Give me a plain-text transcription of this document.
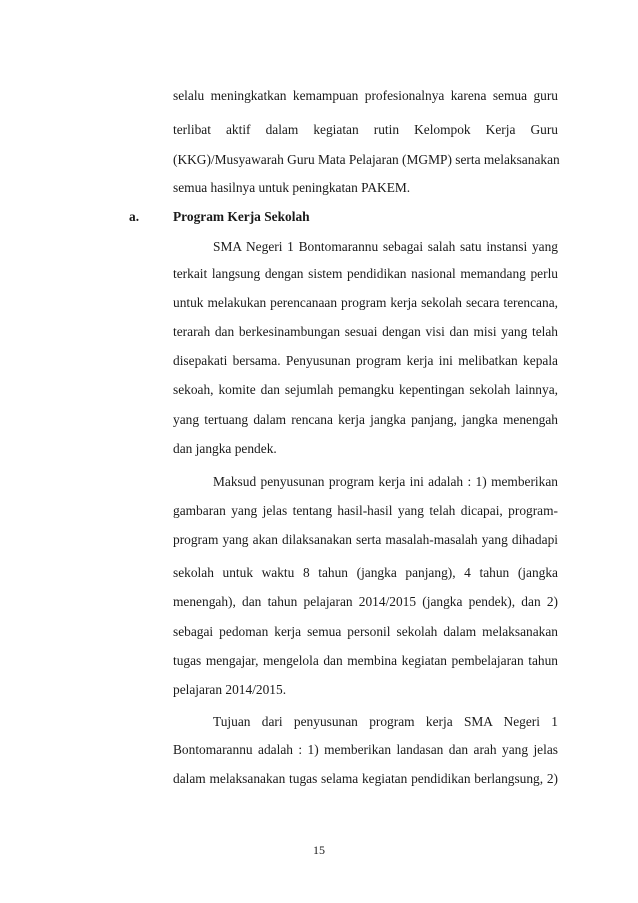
selalu meningkatkan kemampuan profesionalnya karena semua guru
terlibat aktif dalam kegiatan rutin Kelompok Kerja Guru
(KKG)/Musyawarah Guru Mata Pelajaran (MGMP) serta melaksanakan
semua hasilnya untuk peningkatan PAKEM.
a.	Program Kerja Sekolah
SMA Negeri 1 Bontomarannu sebagai salah satu instansi yang
terkait langsung dengan sistem pendidikan nasional memandang perlu
untuk melakukan perencanaan program kerja sekolah secara terencana,
terarah dan berkesinambungan sesuai dengan visi dan misi yang telah
disepakati bersama. Penyusunan program kerja ini melibatkan kepala
sekoah, komite dan sejumlah pemangku kepentingan sekolah lainnya,
yang tertuang dalam rencana kerja jangka panjang, jangka menengah
dan jangka pendek.
Maksud penyusunan program kerja ini adalah : 1) memberikan
gambaran yang jelas tentang hasil-hasil yang telah dicapai, program-
program yang akan dilaksanakan serta masalah-masalah yang dihadapi
sekolah untuk waktu 8 tahun (jangka panjang), 4 tahun (jangka
menengah), dan tahun pelajaran 2014/2015 (jangka pendek), dan 2)
sebagai pedoman kerja semua personil sekolah dalam melaksanakan
tugas mengajar, mengelola dan membina kegiatan pembelajaran tahun
pelajaran 2014/2015.
Tujuan dari penyusunan program kerja SMA Negeri 1
Bontomarannu adalah : 1) memberikan landasan dan arah yang jelas
dalam melaksanakan tugas selama kegiatan pendidikan berlangsung, 2)
15
